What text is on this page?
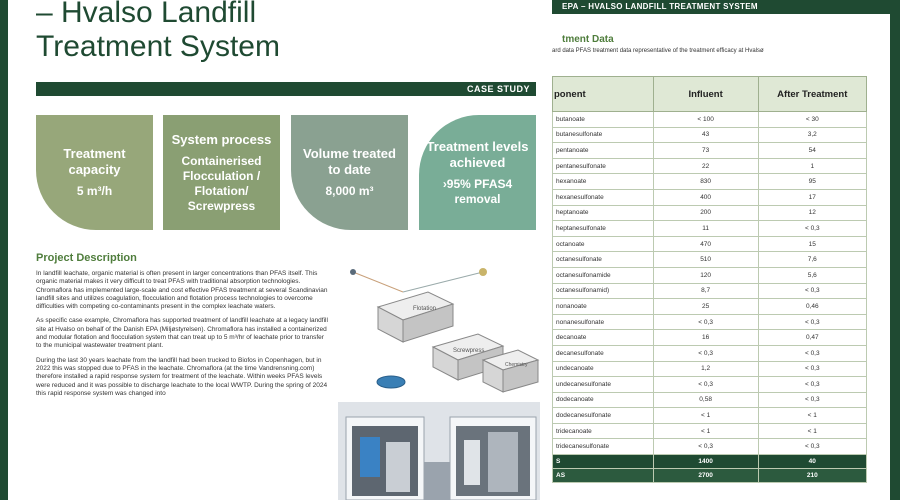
– Hvalso Landfill
Treatment System
CASE STUDY
Treatment capacity
5 m³/h
System process
Containerised Flocculation / Flotation/ Screwpress
Volume treated to date
8,000 m³
Treatment levels achieved
›95% PFAS4 removal
Project Description

In landfill leachate, organic material is often present in larger concentrations than PFAS itself. This organic material makes it very difficult to treat PFAS with traditional absorption technologies. Chromaflora has implemented large-scale and cost effective PFAS treatment at several Scandinavian landfill sites and utilizes coagulation, flocculation and flotation process technologies to overcome difficulties with competing co-contaminants present in the complex leachate waters.

As specific case example, Chromaflora has supported treatment of landfill leachate at a legacy landfill site at Hvalso on behalf of the Danish EPA (Miljøstyrelsen). Chromaflora has installed a containerized and modular flotation and flocculation system that can treat up to 5 m³/hr of leachate prior to transfer to the municipal wastewater treatment plant.

During the last 30 years leachate from the landfill had been trucked to Biofos in Copenhagen, but in 2022 this was stopped due to PFAS in the leachate. Chromaflora (at the time Vandrensning.com) therefore installed a rapid response system for treatment of the leachate. Within weeks PFAS levels were reduced and it was possible to discharge leachate to the local WWTP. During the spring of 2024 this rapid response system was changed into

Flotation
Screwpress
Chemistry
EPA – HVALSO LANDFILL TREATMENT SYSTEM
tment Data
ard data PFAS treatment data representative of the treatment efficacy at Hvalsø
ponent	Influent	After Treatment
butanoate	< 100	< 30
butanesulfonate	43	3,2
pentanoate	73	54
pentanesulfonate	22	1
hexanoate	830	95
hexanesulfonate	400	17
heptanoate	200	12
heptanesulfonate	11	< 0,3
octanoate	470	15
octanesulfonate	510	7,6
octanesulfonamide	120	5,6
octanesulfonamid)	8,7	< 0,3
nonanoate	25	0,46
nonanesulfonate	< 0,3	< 0,3
decanoate	16	0,47
decanesulfonate	< 0,3	< 0,3
undecanoate	1,2	< 0,3
undecanesulfonate	< 0,3	< 0,3
dodecanoate	0,58	< 0,3
dodecanesulfonate	< 1	< 1
tridecanoate	< 1	< 1
tridecanesulfonate	< 0,3	< 0,3
S	1400	40
AS	2700	210
